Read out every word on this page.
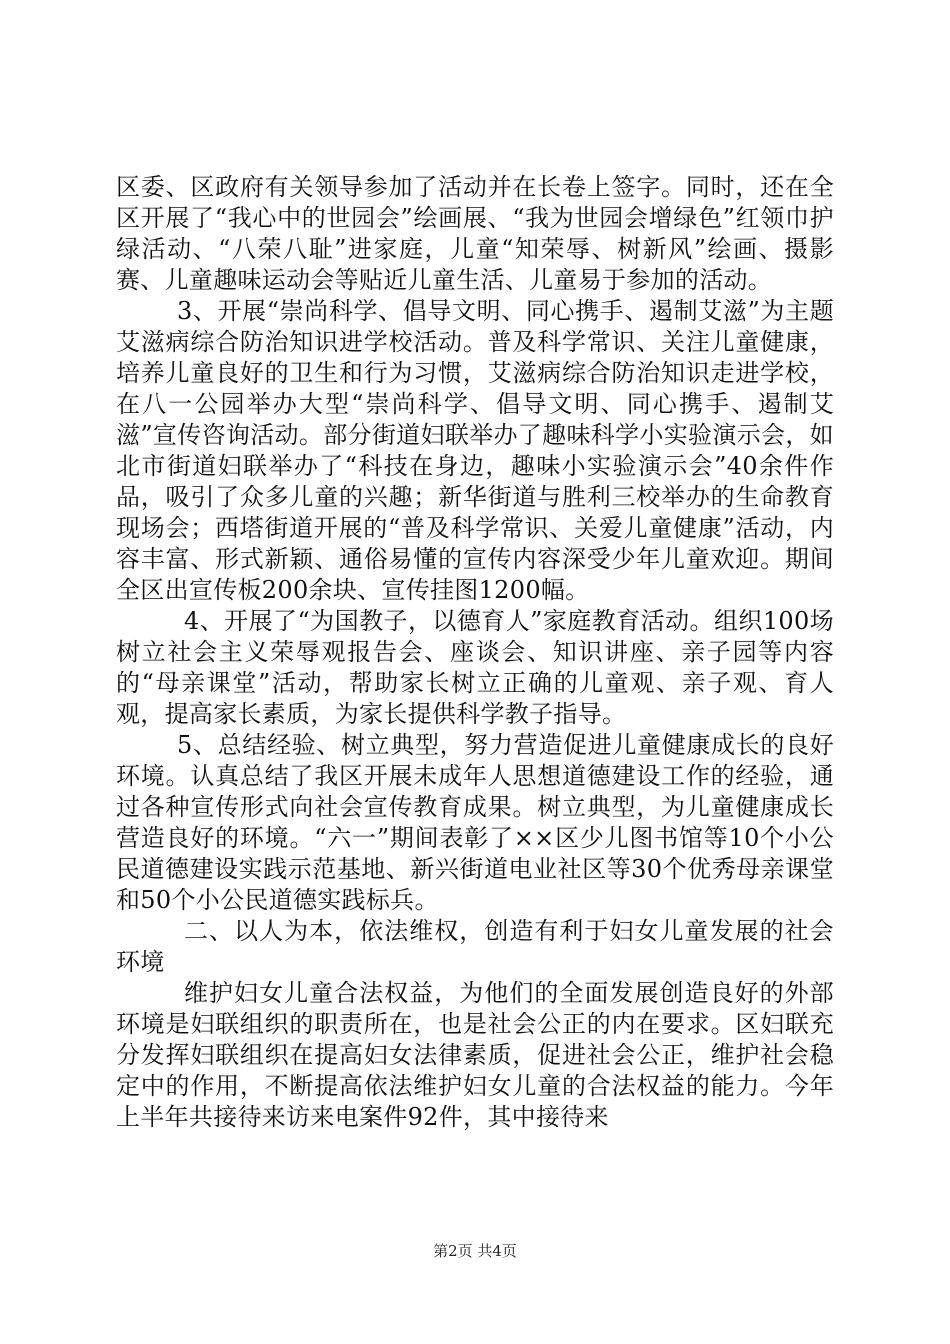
区委、区政府有关领导参加了活动并在长卷上签字。同时，还在全区开展了“我心中的世园会”绘画展、“我为世园会增绿色”红领巾护绿活动、“八荣八耻”进家庭，儿童“知荣辱、树新风”绘画、摄影赛、儿童趣味运动会等贴近儿童生活、儿童易于参加的活动。

3、开展“崇尚科学、倡导文明、同心携手、遏制艾滋”为主题艾滋病综合防治知识进学校活动。普及科学常识、关注儿童健康，培养儿童良好的卫生和行为习惯，艾滋病综合防治知识走进学校，在八一公园举办大型“崇尚科学、倡导文明、同心携手、遏制艾滋”宣传咨询活动。部分街道妇联举办了趣味科学小实验演示会，如北市街道妇联举办了“科技在身边，趣味小实验演示会”40余件作品，吸引了众多儿童的兴趣；新华街道与胜利三校举办的生命教育现场会；西塔街道开展的“普及科学常识、关爱儿童健康”活动，内容丰富、形式新颖、通俗易懂的宣传内容深受少年儿童欢迎。期间全区出宣传板200余块、宣传挂图1200幅。

4、开展了“为国教子，以德育人”家庭教育活动。组织100场树立社会主义荣辱观报告会、座谈会、知识讲座、亲子园等内容的“母亲课堂”活动，帮助家长树立正确的儿童观、亲子观、育人观，提高家长素质，为家长提供科学教子指导。

5、总结经验、树立典型，努力营造促进儿童健康成长的良好环境。认真总结了我区开展未成年人思想道德建设工作的经验，通过各种宣传形式向社会宣传教育成果。树立典型，为儿童健康成长营造良好的环境。“六一”期间表彰了××区少儿图书馆等10个小公民道德建设实践示范基地、新兴街道电业社区等30个优秀母亲课堂和50个小公民道德实践标兵。

二、以人为本，依法维权，创造有利于妇女儿童发展的社会环境

维护妇女儿童合法权益，为他们的全面发展创造良好的外部环境是妇联组织的职责所在，也是社会公正的内在要求。区妇联充分发挥妇联组织在提高妇女法律素质，促进社会公正，维护社会稳定中的作用，不断提高依法维护妇女儿童的合法权益的能力。今年上半年共接待来访来电案件92件，其中接待来

第2页 共4页
